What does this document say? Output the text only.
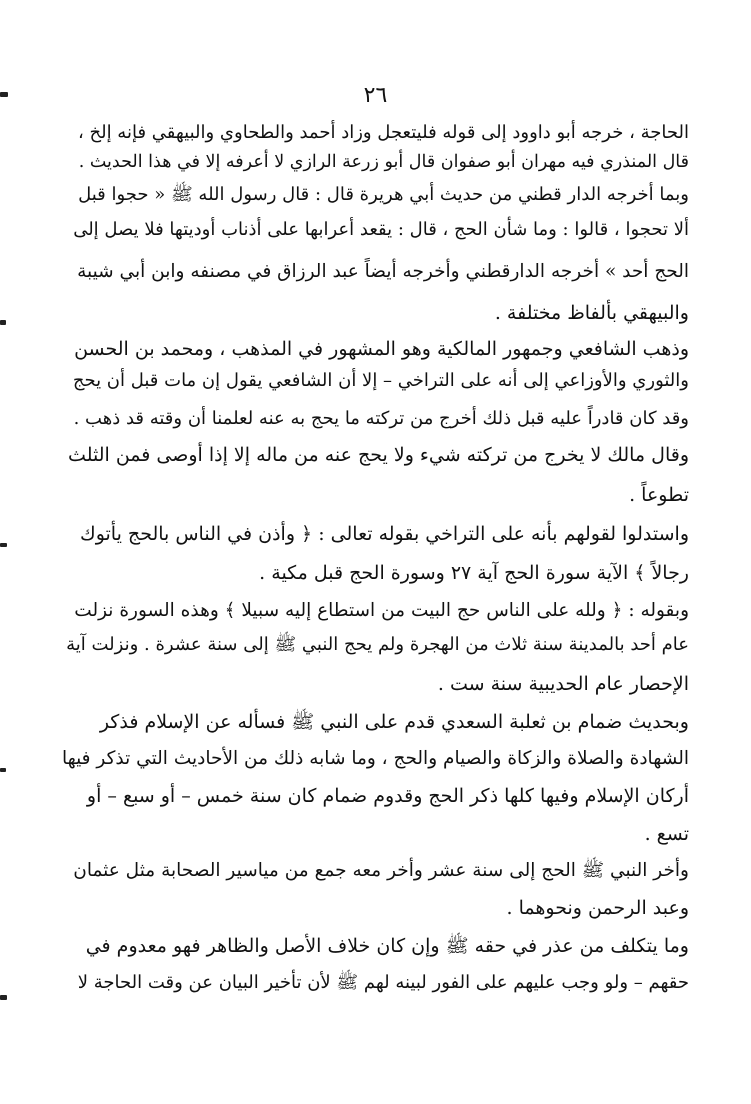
٢٦
الحاجة ، خرجه أبو داوود إلى قوله فليتعجل وزاد أحمد والطحاوي والبيهقي فإنه إلخ ،
قال المنذري فيه مهران أبو صفوان قال أبو زرعة الرازي لا أعرفه إلا في هذا الحديث .
وبما أخرجه الدار قطني من حديث أبي هريرة قال : قال رسول الله ﷺ « حجوا قبل
ألا تحجوا ، قالوا : وما شأن الحج ، قال : يقعد أعرابها على أذناب أوديتها فلا يصل إلى
الحج أحد » أخرجه الدارقطني وأخرجه أيضاً عبد الرزاق في مصنفه وابن أبي شيبة
والبيهقي بألفاظ مختلفة .
وذهب الشافعي وجمهور المالكية وهو المشهور في المذهب ، ومحمد بن الحسن
والثوري والأوزاعي إلى أنه على التراخي – إلا أن الشافعي يقول إن مات قبل أن يحج
وقد كان قادراً عليه قبل ذلك أخرج من تركته ما يحج به عنه لعلمنا أن وقته قد ذهب .
وقال مالك لا يخرج من تركته شيء ولا يحج عنه من ماله إلا إذا أوصى فمن الثلث
تطوعاً .
واستدلوا لقولهم بأنه على التراخي بقوله تعالى : ﴿ وأذن في الناس بالحج يأتوك
رجالاً ﴾ الآية سورة الحج آية ٢٧ وسورة الحج قبل مكية .
وبقوله : ﴿ ولله على الناس حج البيت من استطاع إليه سبيلا ﴾ وهذه السورة نزلت
عام أحد بالمدينة سنة ثلاث من الهجرة ولم يحج النبي ﷺ إلى سنة عشرة . ونزلت آية
الإحصار عام الحديبية سنة ست .
وبحديث ضمام بن ثعلبة السعدي قدم على النبي ﷺ فسأله عن الإسلام فذكر
الشهادة والصلاة والزكاة والصيام والحج ، وما شابه ذلك من الأحاديث التي تذكر فيها
أركان الإسلام وفيها كلها ذكر الحج وقدوم ضمام كان سنة خمس – أو سبع – أو
تسع .
وأخر النبي ﷺ الحج إلى سنة عشر وأخر معه جمع من مياسير الصحابة مثل عثمان
وعبد الرحمن ونحوهما .
وما يتكلف من عذر في حقه ﷺ وإن كان خلاف الأصل والظاهر فهو معدوم في
حقهم – ولو وجب عليهم على الفور لبينه لهم ﷺ لأن تأخير البيان عن وقت الحاجة لا
